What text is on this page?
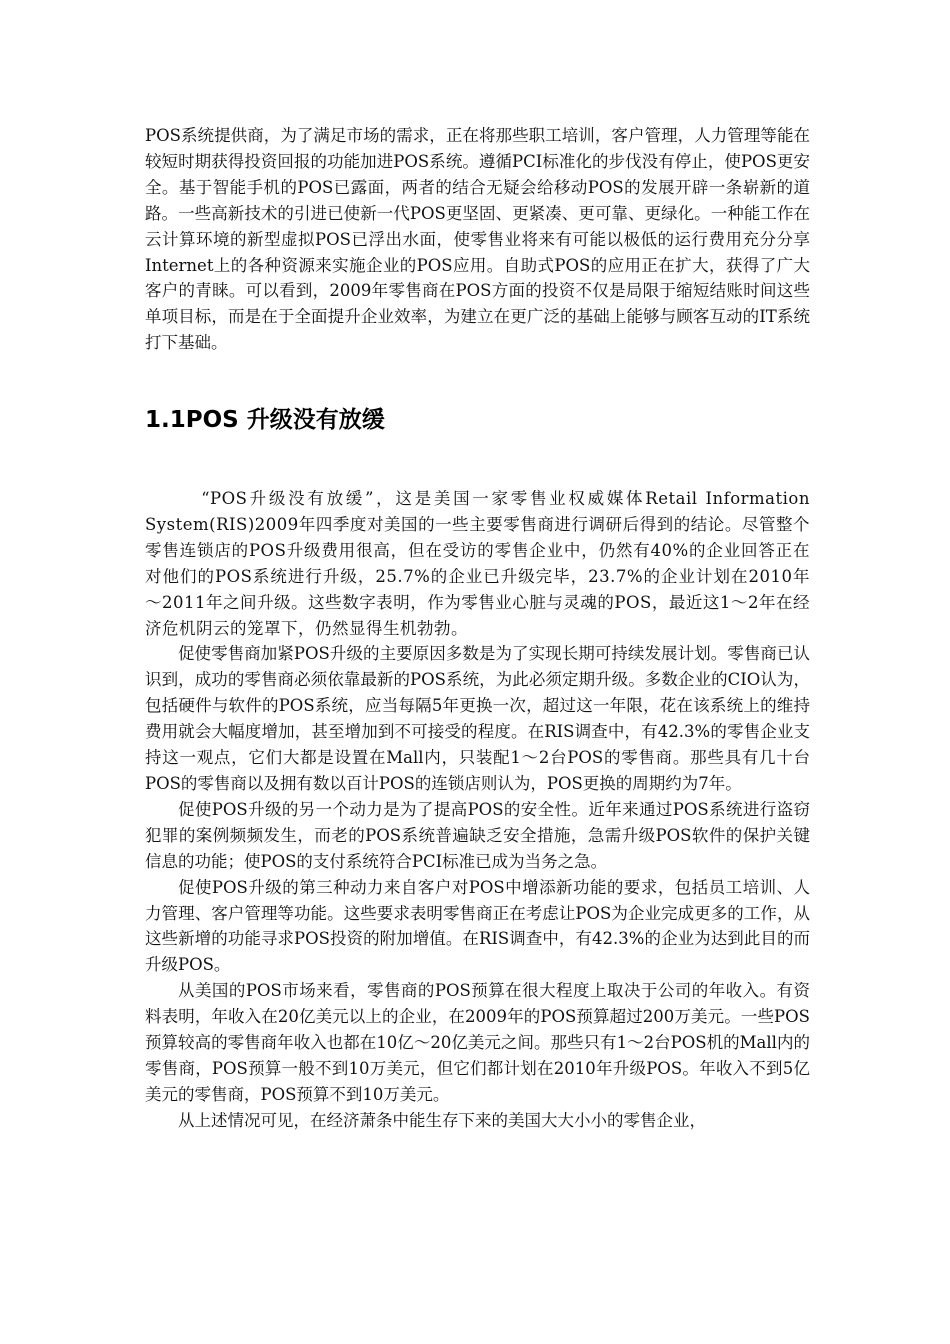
POS系统提供商，为了满足市场的需求，正在将那些职工培训，客户管理，人力管理等能在较短时期获得投资回报的功能加进POS系统。遵循PCI标准化的步伐没有停止，使POS更安全。基于智能手机的POS已露面，两者的结合无疑会给移动POS的发展开辟一条崭新的道路。一些高新技术的引进已使新一代POS更坚固、更紧凑、更可靠、更绿化。一种能工作在云计算环境的新型虚拟POS已浮出水面，使零售业将来有可能以极低的运行费用充分分享Internet上的各种资源来实施企业的POS应用。自助式POS的应用正在扩大，获得了广大客户的青睐。可以看到，2009年零售商在POS方面的投资不仅是局限于缩短结账时间这些单项目标，而是在于全面提升企业效率，为建立在更广泛的基础上能够与顾客互动的IT系统打下基础。

1.1POS 升级没有放缓

“POS升级没有放缓”，这是美国一家零售业权威媒体Retail Information System(RIS)2009年四季度对美国的一些主要零售商进行调研后得到的结论。尽管整个零售连锁店的POS升级费用很高，但在受访的零售企业中，仍然有40%的企业回答正在对他们的POS系统进行升级，25.7%的企业已升级完毕，23.7%的企业计划在2010年～2011年之间升级。这些数字表明，作为零售业心脏与灵魂的POS，最近这1～2年在经济危机阴云的笼罩下，仍然显得生机勃勃。

促使零售商加紧POS升级的主要原因多数是为了实现长期可持续发展计划。零售商已认识到，成功的零售商必须依靠最新的POS系统，为此必须定期升级。多数企业的CIO认为，包括硬件与软件的POS系统，应当每隔5年更换一次，超过这一年限，花在该系统上的维持费用就会大幅度增加，甚至增加到不可接受的程度。在RIS调查中，有42.3%的零售企业支持这一观点，它们大都是设置在Mall内，只装配1～2台POS的零售商。那些具有几十台POS的零售商以及拥有数以百计POS的连锁店则认为，POS更换的周期约为7年。

促使POS升级的另一个动力是为了提高POS的安全性。近年来通过POS系统进行盗窃犯罪的案例频频发生，而老的POS系统普遍缺乏安全措施，急需升级POS软件的保护关键信息的功能；使POS的支付系统符合PCI标准已成为当务之急。

促使POS升级的第三种动力来自客户对POS中增添新功能的要求，包括员工培训、人力管理、客户管理等功能。这些要求表明零售商正在考虑让POS为企业完成更多的工作，从这些新增的功能寻求POS投资的附加增值。在RIS调查中，有42.3%的企业为达到此目的而升级POS。

从美国的POS市场来看，零售商的POS预算在很大程度上取决于公司的年收入。有资料表明，年收入在20亿美元以上的企业，在2009年的POS预算超过200万美元。一些POS预算较高的零售商年收入也都在10亿～20亿美元之间。那些只有1～2台POS机的Mall内的零售商，POS预算一般不到10万美元，但它们都计划在2010年升级POS。年收入不到5亿美元的零售商，POS预算不到10万美元。

从上述情况可见，在经济萧条中能生存下来的美国大大小小的零售企业，
